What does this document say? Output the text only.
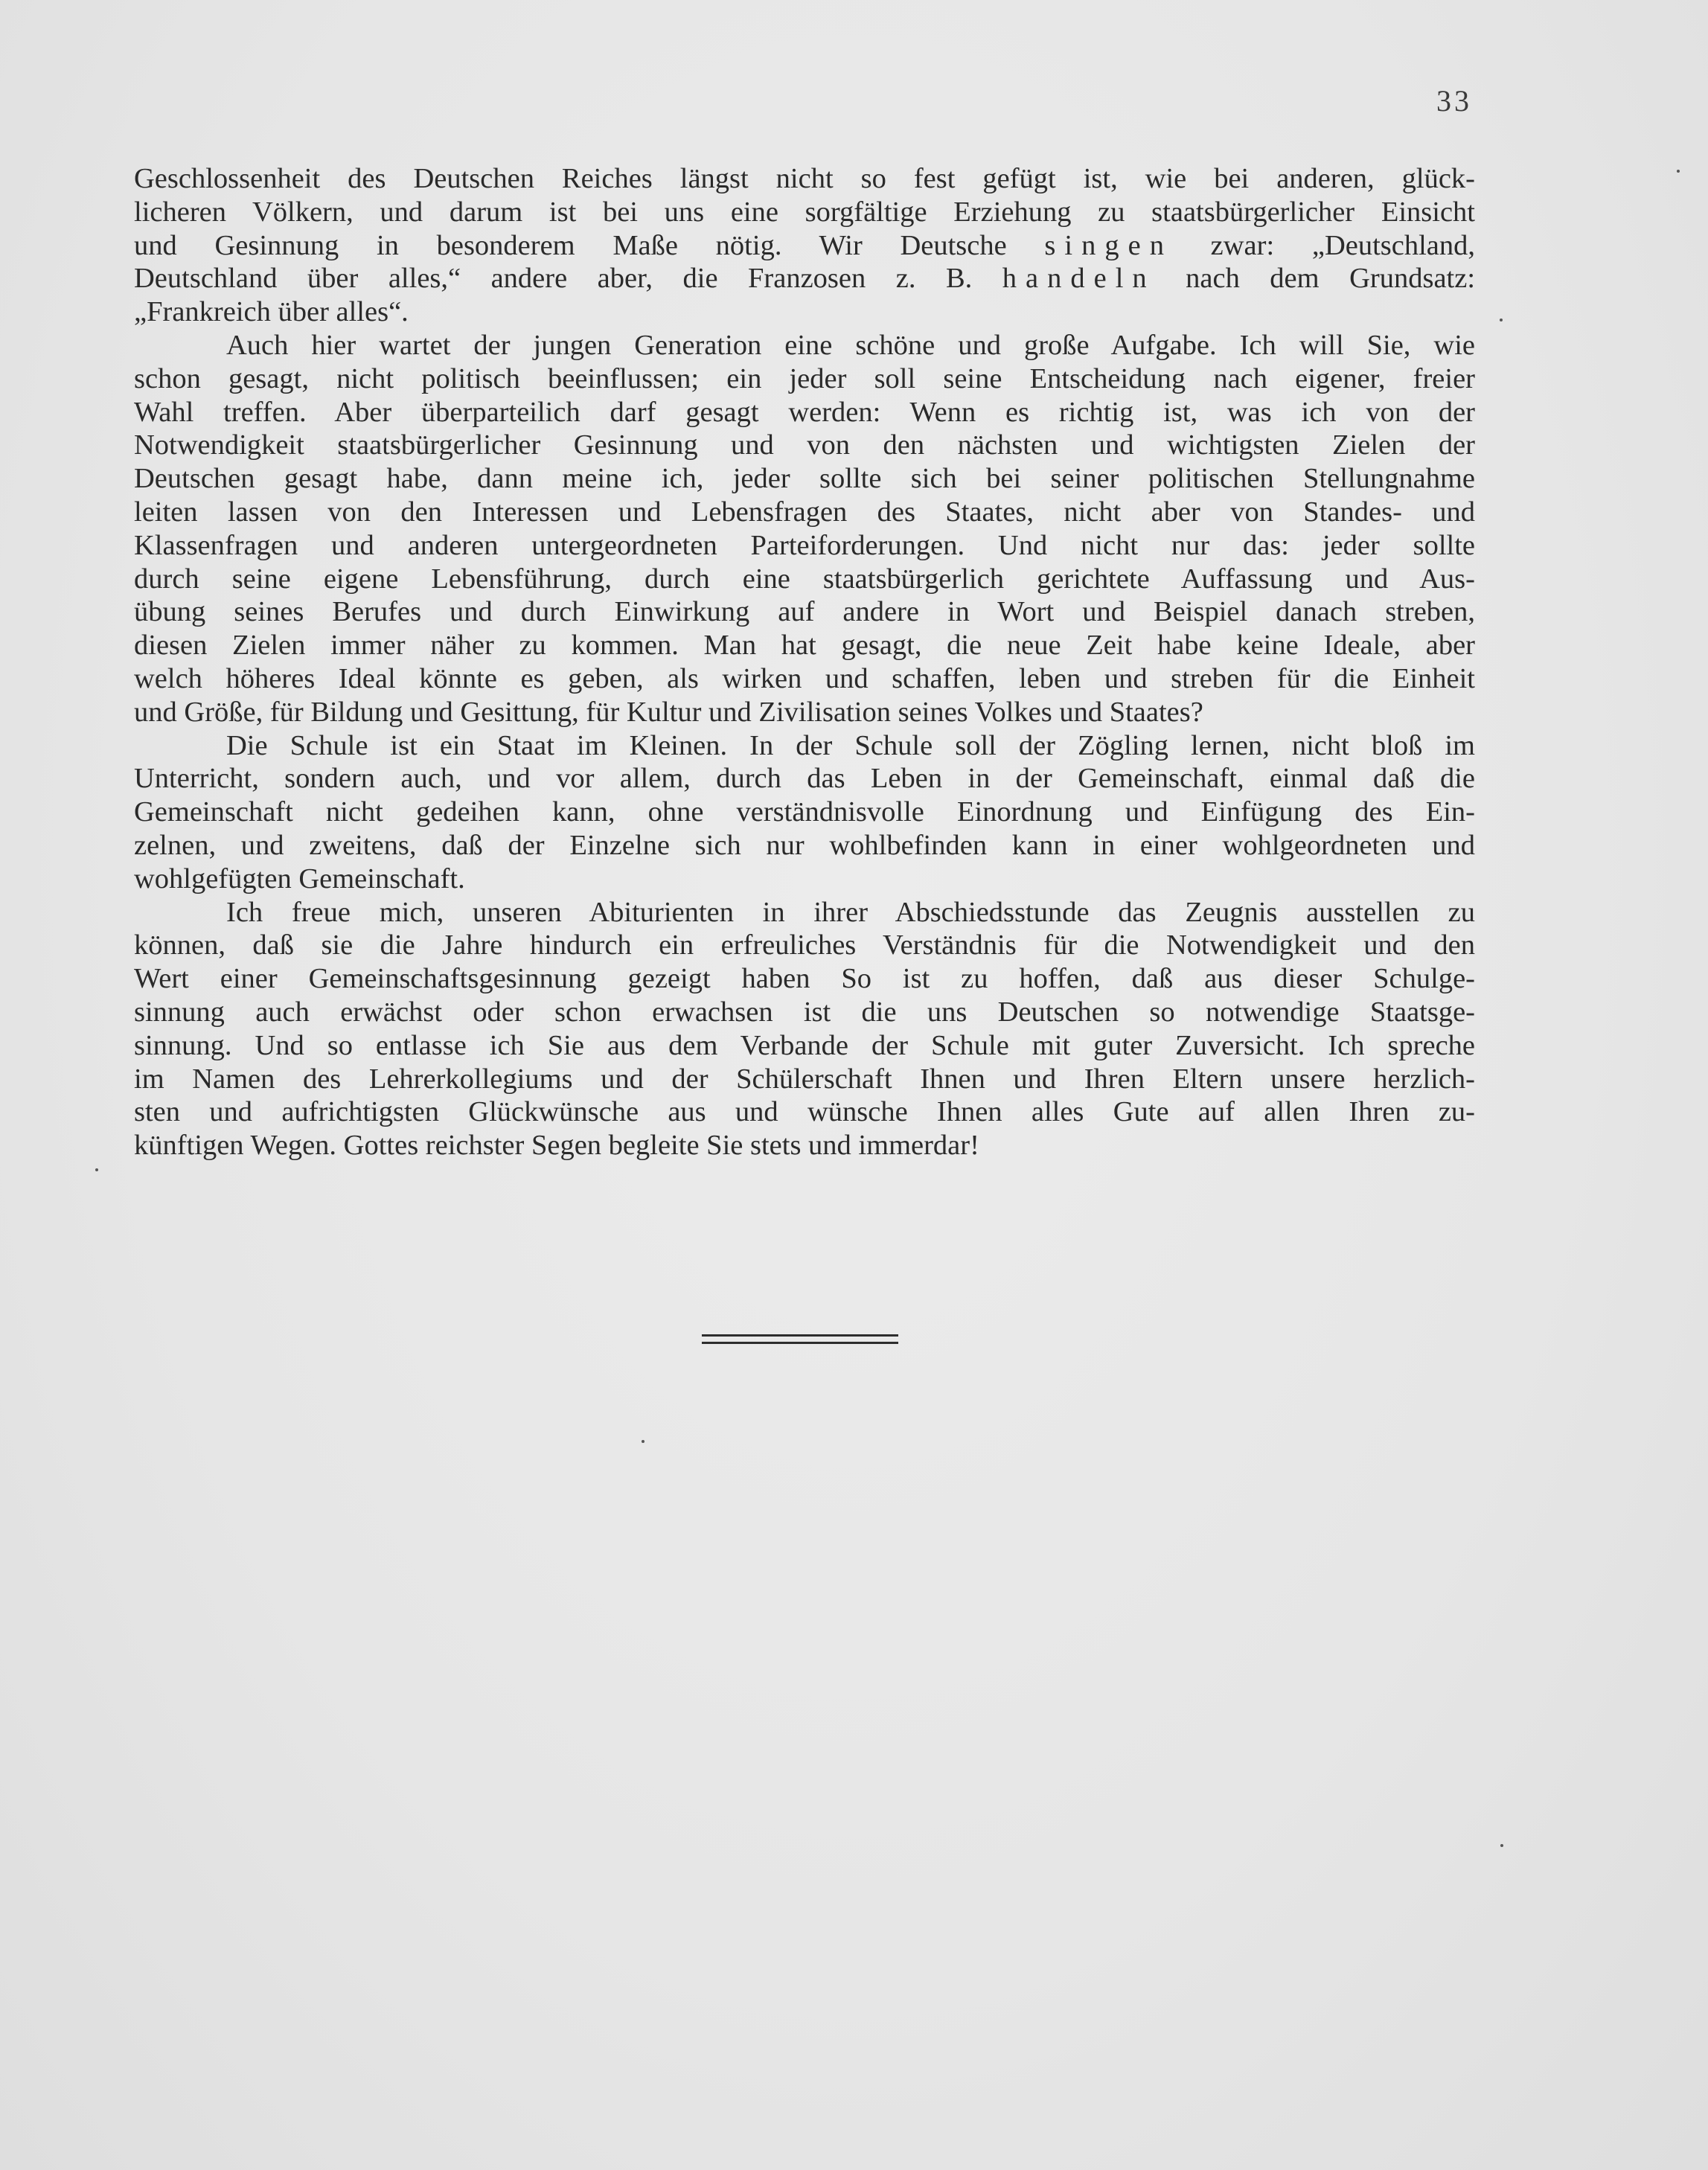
33
Geschlossenheit des Deutschen Reiches längst nicht so fest gefügt ist, wie bei anderen, glück-
licheren Völkern, und darum ist bei uns eine sorgfältige Erziehung zu staatsbürgerlicher Einsicht
und Gesinnung in besonderem Maße nötig. Wir Deutsche singen zwar: „Deutschland,
Deutschland über alles,“ andere aber, die Franzosen z. B. handeln nach dem Grundsatz:
„Frankreich über alles“.
Auch hier wartet der jungen Generation eine schöne und große Aufgabe. Ich will Sie, wie
schon gesagt, nicht politisch beeinflussen; ein jeder soll seine Entscheidung nach eigener, freier
Wahl treffen. Aber überparteilich darf gesagt werden: Wenn es richtig ist, was ich von der
Notwendigkeit staatsbürgerlicher Gesinnung und von den nächsten und wichtigsten Zielen der
Deutschen gesagt habe, dann meine ich, jeder sollte sich bei seiner politischen Stellungnahme
leiten lassen von den Interessen und Lebensfragen des Staates, nicht aber von Standes- und
Klassenfragen und anderen untergeordneten Parteiforderungen. Und nicht nur das: jeder sollte
durch seine eigene Lebensführung, durch eine staatsbürgerlich gerichtete Auffassung und Aus-
übung seines Berufes und durch Einwirkung auf andere in Wort und Beispiel danach streben,
diesen Zielen immer näher zu kommen. Man hat gesagt, die neue Zeit habe keine Ideale, aber
welch höheres Ideal könnte es geben, als wirken und schaffen, leben und streben für die Einheit
und Größe, für Bildung und Gesittung, für Kultur und Zivilisation seines Volkes und Staates?
Die Schule ist ein Staat im Kleinen. In der Schule soll der Zögling lernen, nicht bloß im
Unterricht, sondern auch, und vor allem, durch das Leben in der Gemeinschaft, einmal daß die
Gemeinschaft nicht gedeihen kann, ohne verständnisvolle Einordnung und Einfügung des Ein-
zelnen, und zweitens, daß der Einzelne sich nur wohlbefinden kann in einer wohlgeordneten und
wohlgefügten Gemeinschaft.
Ich freue mich, unseren Abiturienten in ihrer Abschiedsstunde das Zeugnis ausstellen zu
können, daß sie die Jahre hindurch ein erfreuliches Verständnis für die Notwendigkeit und den
Wert einer Gemeinschaftsgesinnung gezeigt haben So ist zu hoffen, daß aus dieser Schulge-
sinnung auch erwächst oder schon erwachsen ist die uns Deutschen so notwendige Staatsge-
sinnung. Und so entlasse ich Sie aus dem Verbande der Schule mit guter Zuversicht. Ich spreche
im Namen des Lehrerkollegiums und der Schülerschaft Ihnen und Ihren Eltern unsere herzlich-
sten und aufrichtigsten Glückwünsche aus und wünsche Ihnen alles Gute auf allen Ihren zu-
künftigen Wegen. Gottes reichster Segen begleite Sie stets und immerdar!
